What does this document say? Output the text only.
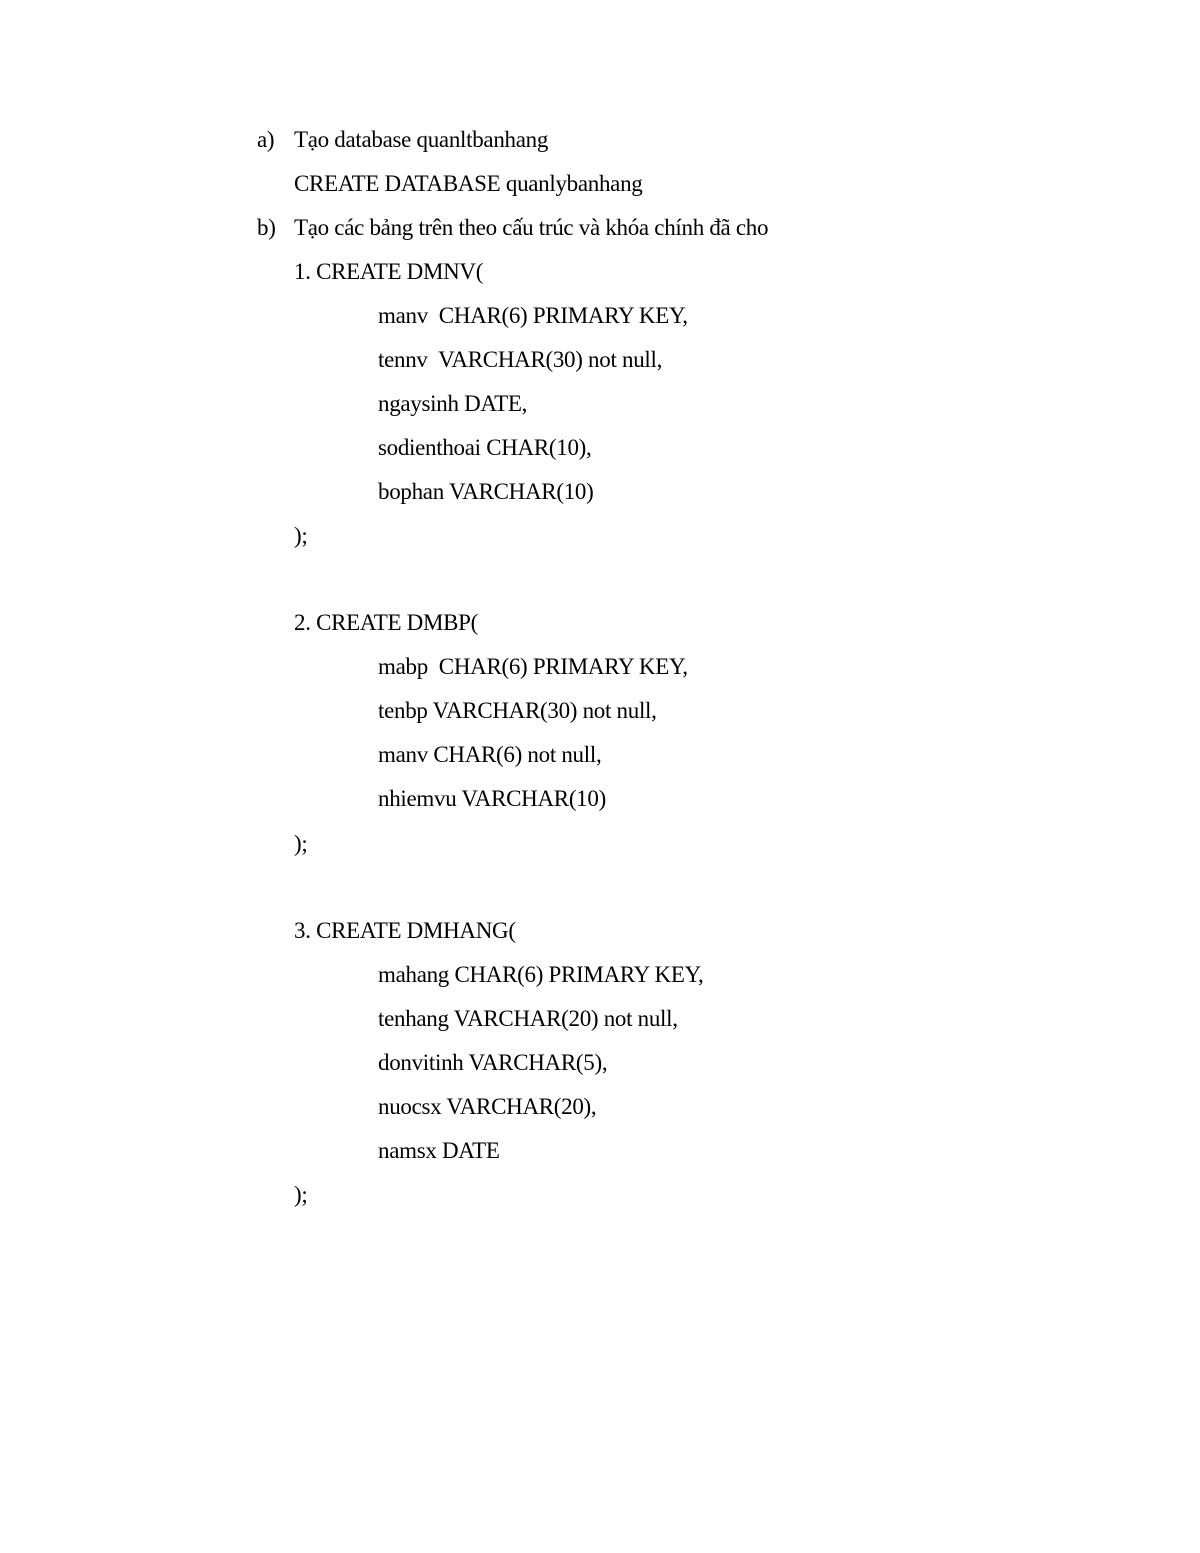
a) Tạo database quanltbanhang
CREATE DATABASE quanlybanhang
b) Tạo các bảng trên theo cấu trúc và khóa chính đã cho
1. CREATE DMNV(
manv  CHAR(6) PRIMARY KEY,
tennv  VARCHAR(30) not null,
ngaysinh DATE,
sodienthoai CHAR(10),
bophan VARCHAR(10)
);
2. CREATE DMBP(
mabp  CHAR(6) PRIMARY KEY,
tenbp VARCHAR(30) not null,
manv CHAR(6) not null,
nhiemvu VARCHAR(10)
);
3. CREATE DMHANG(
mahang CHAR(6) PRIMARY KEY,
tenhang VARCHAR(20) not null,
donvitinh VARCHAR(5),
nuocsx VARCHAR(20),
namsx DATE
);
